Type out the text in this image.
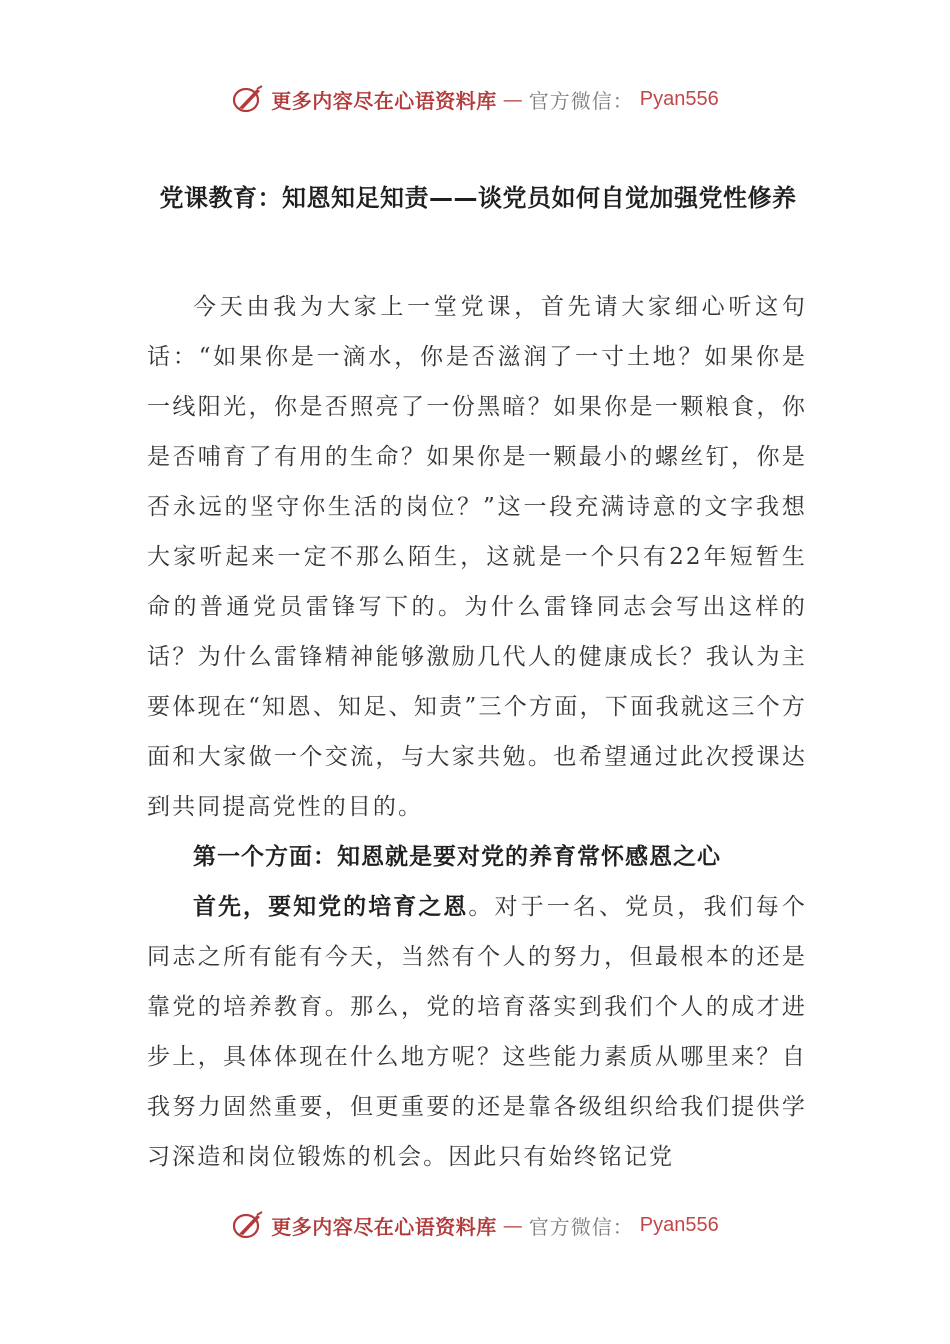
更多内容尽在心语资料库 — 官方微信： Pyan556
党课教育：知恩知足知责——谈党员如何自觉加强党性修养

今天由我为大家上一堂党课，首先请大家细心听这句话：“如果你是一滴水，你是否滋润了一寸土地？如果你是一线阳光，你是否照亮了一份黑暗？如果你是一颗粮食，你是否哺育了有用的生命？如果你是一颗最小的螺丝钉，你是否永远的坚守你生活的岗位？”这一段充满诗意的文字我想大家听起来一定不那么陌生，这就是一个只有22年短暂生命的普通党员雷锋写下的。为什么雷锋同志会写出这样的话？为什么雷锋精神能够激励几代人的健康成长？我认为主要体现在“知恩、知足、知责”三个方面，下面我就这三个方面和大家做一个交流，与大家共勉。也希望通过此次授课达到共同提高党性的目的。

第一个方面：知恩就是要对党的养育常怀感恩之心

首先，要知党的培育之恩。对于一名、党员，我们每个同志之所有能有今天，当然有个人的努力，但最根本的还是靠党的培养教育。那么，党的培育落实到我们个人的成才进步上，具体体现在什么地方呢？这些能力素质从哪里来？自我努力固然重要，但更重要的还是靠各级组织给我们提供学习深造和岗位锻炼的机会。因此只有始终铭记党

更多内容尽在心语资料库 — 官方微信： Pyan556
